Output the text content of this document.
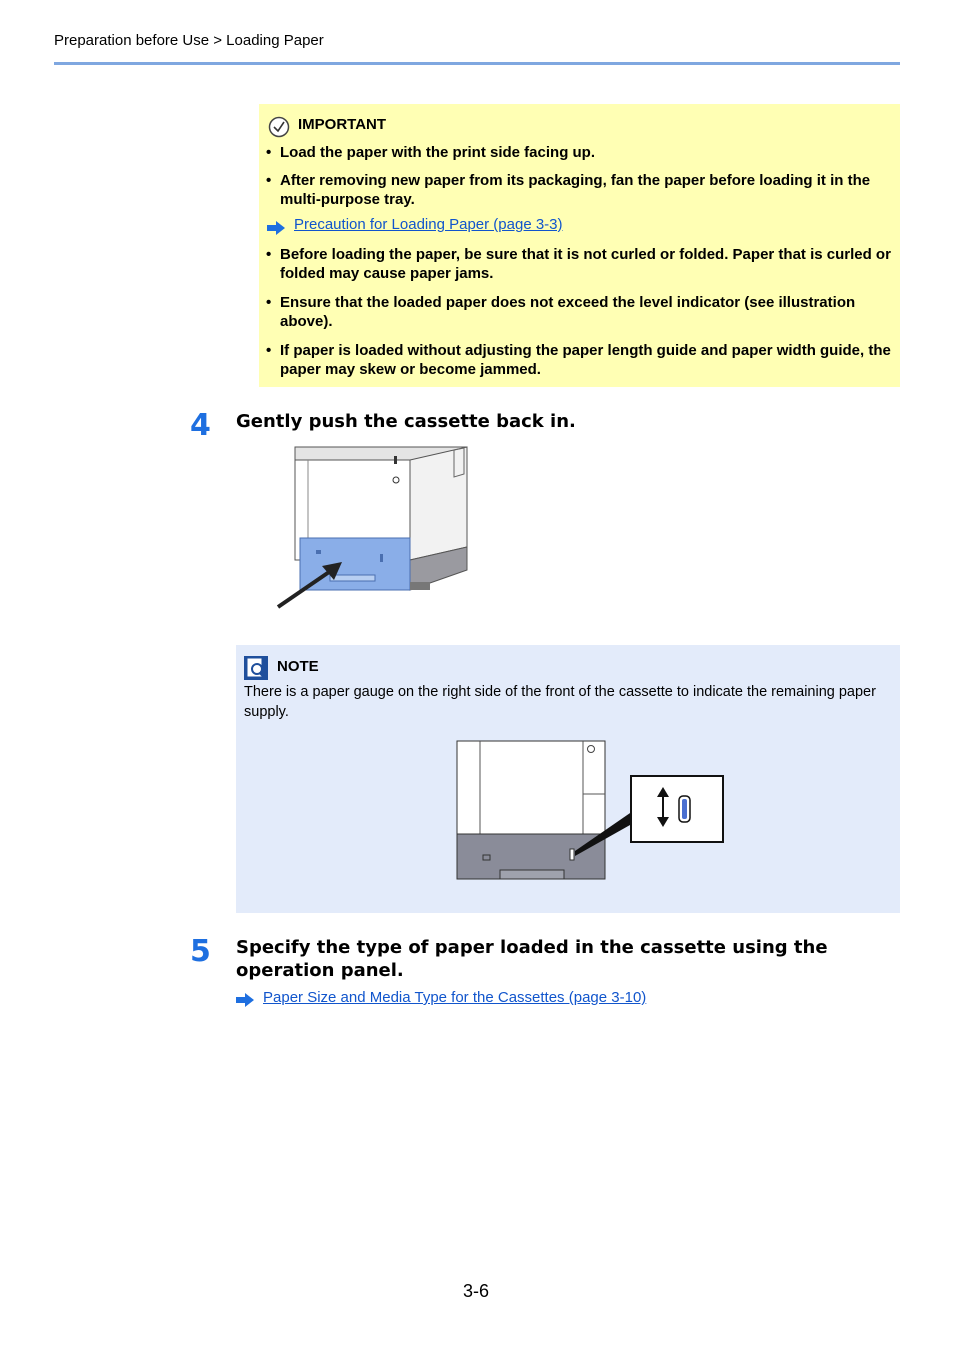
Preparation before Use > Loading Paper
IMPORTANT
• Load the paper with the print side facing up.
• After removing new paper from its packaging, fan the paper before loading it in the multi-purpose tray.
Precaution for Loading Paper (page 3-3)
• Before loading the paper, be sure that it is not curled or folded. Paper that is curled or folded may cause paper jams.
• Ensure that the loaded paper does not exceed the level indicator (see illustration above).
• If paper is loaded without adjusting the paper length guide and paper width guide, the paper may skew or become jammed.
4 Gently push the cassette back in.
NOTE
There is a paper gauge on the right side of the front of the cassette to indicate the remaining paper supply.
5 Specify the type of paper loaded in the cassette using the operation panel.
Paper Size and Media Type for the Cassettes (page 3-10)
3-6
